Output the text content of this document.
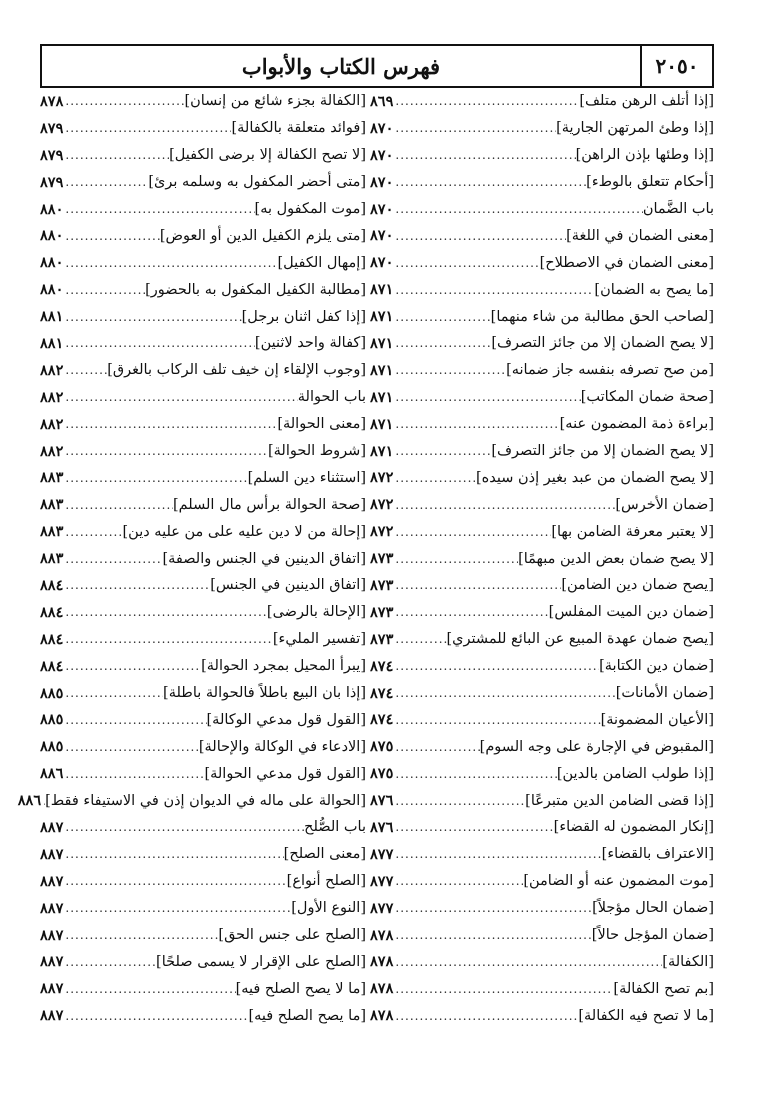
٢٠٥٠
فهرس الكتاب والأبواب
[إذا أتلف الرهن متلف]
.....
٨٦٩
[إذا وطئ المرتهن الجارية]
.....
٨٧٠
[إذا وطئها بإذن الراهن]
.....
٨٧٠
[أحكام تتعلق بالوطء]
.....
٨٧٠
باب الضَّمان
.....
٨٧٠
[معنى الضمان في اللغة]
.....
٨٧٠
[معنى الضمان في الاصطلاح]
.....
٨٧٠
[ما يصح به الضمان]
.....
٨٧١
[لصاحب الحق مطالبة من شاء منهما]
.....
٨٧١
[لا يصح الضمان إلا من جائز التصرف]
.....
٨٧١
[من صح تصرفه بنفسه جاز ضمانه]
.....
٨٧١
[صحة ضمان المكاتب]
.....
٨٧١
[براءة ذمة المضمون عنه]
.....
٨٧١
[لا يصح الضمان إلا من جائز التصرف]
.....
٨٧١
[لا يصح الضمان من عبد بغير إذن سيده]
.....
٨٧٢
[ضمان الأخرس]
.....
٨٧٢
[لا يعتبر معرفة الضامن بها]
.....
٨٧٢
[لا يصح ضمان بعض الدين مبهمًا]
.....
٨٧٣
[يصح ضمان دين الضامن]
.....
٨٧٣
[ضمان دين الميت المفلس]
.....
٨٧٣
[يصح ضمان عهدة المبيع عن البائع للمشتري]
.....
٨٧٣
[ضمان دين الكتابة]
.....
٨٧٤
[ضمان الأمانات]
.....
٨٧٤
[الأعيان المضمونة]
.....
٨٧٤
[المقبوض في الإجارة على وجه السوم]
.....
٨٧٥
[إذا طولب الضامن بالدين]
.....
٨٧٥
[إذا قضى الضامن الدين متبرعًا]
.....
٨٧٦
[إنكار المضمون له القضاء]
.....
٨٧٦
[الاعتراف بالقضاء]
.....
٨٧٧
[موت المضمون عنه أو الضامن]
.....
٨٧٧
[ضمان الحال مؤجلاً]
.....
٨٧٧
[ضمان المؤجل حالاً]
.....
٨٧٨
[الكفالة]
.....
٨٧٨
[بم تصح الكفالة]
.....
٨٧٨
[ما لا تصح فيه الكفالة]
.....
٨٧٨
[الكفالة بجزء شائع من إنسان]
.....
٨٧٨
[فوائد متعلقة بالكفالة]
.....
٨٧٩
[لا تصح الكفالة إلا برضى الكفيل]
.....
٨٧٩
[متى أحضر المكفول به وسلمه برئ]
.....
٨٧٩
[موت المكفول به]
.....
٨٨٠
[متى يلزم الكفيل الدين أو العوض]
.....
٨٨٠
[إمهال الكفيل]
.....
٨٨٠
[مطالبة الكفيل المكفول به بالحضور]
.....
٨٨٠
[إذا كفل اثنان برجل]
.....
٨٨١
[كفالة واحد لاثنين]
.....
٨٨١
[وجوب الإلقاء إن خيف تلف الركاب بالغرق]
.....
٨٨٢
باب الحوالة
.....
٨٨٢
[معنى الحوالة]
.....
٨٨٢
[شروط الحوالة]
.....
٨٨٢
[استثناء دين السلم]
.....
٨٨٣
[صحة الحوالة برأس مال السلم]
.....
٨٨٣
[إحالة من لا دين عليه على من عليه دين]
.....
٨٨٣
[اتفاق الدينين في الجنس والصفة]
.....
٨٨٣
[اتفاق الدينين في الجنس]
.....
٨٨٤
[الإحالة بالرضى]
.....
٨٨٤
[تفسير المليء]
.....
٨٨٤
[يبرأ المحيل بمجرد الحوالة]
.....
٨٨٤
[إذا بان البيع باطلاً فالحوالة باطلة]
.....
٨٨٥
[القول قول مدعي الوكالة]
.....
٨٨٥
[الادعاء في الوكالة والإحالة]
.....
٨٨٥
[القول قول مدعي الحوالة]
.....
٨٨٦
[الحوالة على ماله في الديوان إذن في الاستيفاء فقط]
.....
٨٨٦
باب الصُّلح
.....
٨٨٧
[معنى الصلح]
.....
٨٨٧
[الصلح أنواع]
.....
٨٨٧
[النوع الأول]
.....
٨٨٧
[الصلح على جنس الحق]
.....
٨٨٧
[الصلح على الإقرار لا يسمى صلحًا]
.....
٨٨٧
[ما لا يصح الصلح فيه]
.....
٨٨٧
[ما يصح الصلح فيه]
.....
٨٨٧
